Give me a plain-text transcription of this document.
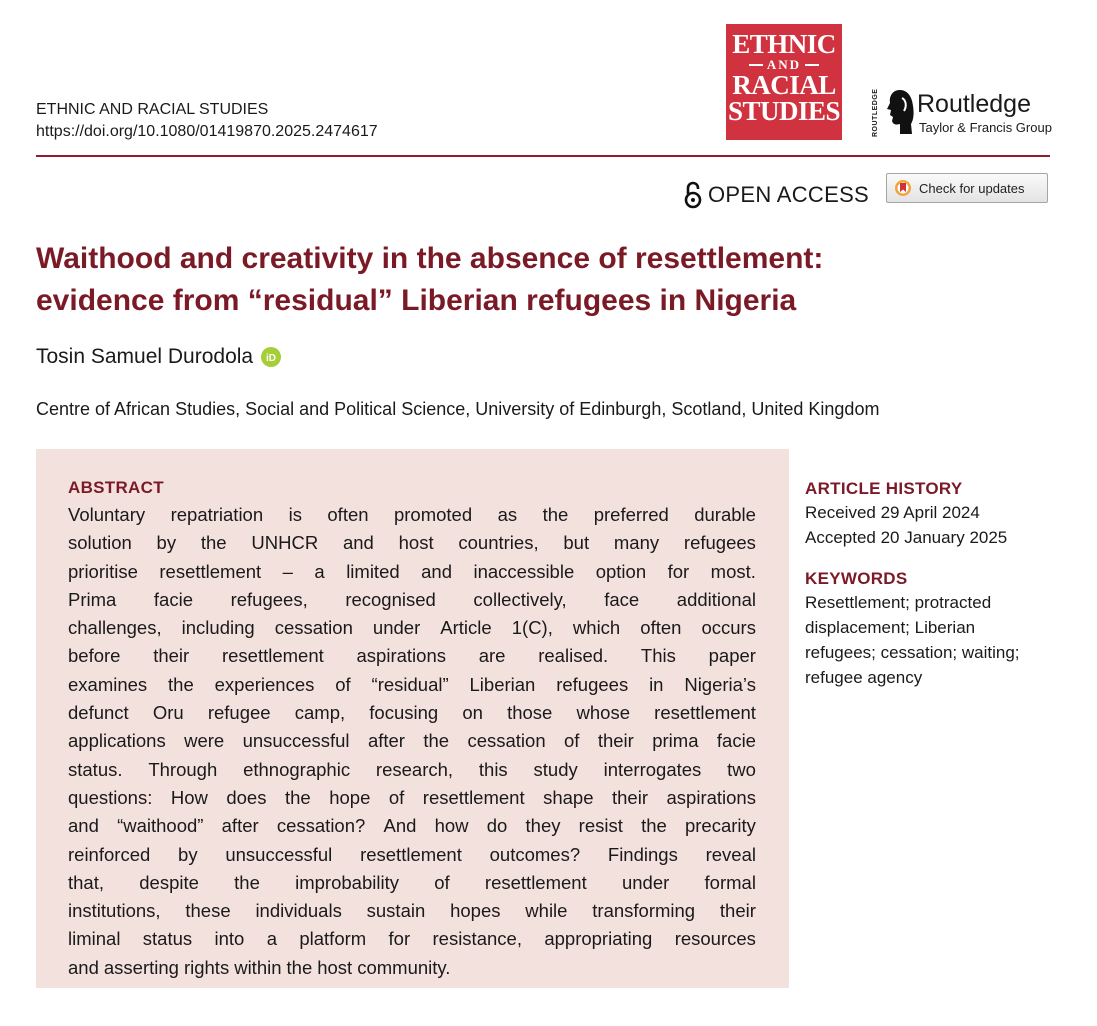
ETHNIC AND RACIAL STUDIES
https://doi.org/10.1080/01419870.2025.2474617
ETHNIC
AND
RACIAL
STUDIES	ROUTLEDGE Routledge
Taylor & Francis Group
OPEN ACCESS	Check for updates
Waithood and creativity in the absence of resettlement:
evidence from “residual” Liberian refugees in Nigeria
Tosin Samuel Durodola iD
Centre of African Studies, Social and Political Science, University of Edinburgh, Scotland, United Kingdom
ABSTRACT
Voluntary repatriation is often promoted as the preferred durable
solution by the UNHCR and host countries, but many refugees
prioritise resettlement – a limited and inaccessible option for most.
Prima facie refugees, recognised collectively, face additional
challenges, including cessation under Article 1(C), which often occurs
before their resettlement aspirations are realised. This paper
examines the experiences of “residual” Liberian refugees in Nigeria’s
defunct Oru refugee camp, focusing on those whose resettlement
applications were unsuccessful after the cessation of their prima facie
status. Through ethnographic research, this study interrogates two
questions: How does the hope of resettlement shape their aspirations
and “waithood” after cessation? And how do they resist the precarity
reinforced by unsuccessful resettlement outcomes? Findings reveal
that, despite the improbability of resettlement under formal
institutions, these individuals sustain hopes while transforming their
liminal status into a platform for resistance, appropriating resources
and asserting rights within the host community.
ARTICLE HISTORY
Received 29 April 2024
Accepted 20 January 2025
KEYWORDS
Resettlement; protracted
displacement; Liberian
refugees; cessation; waiting;
refugee agency
